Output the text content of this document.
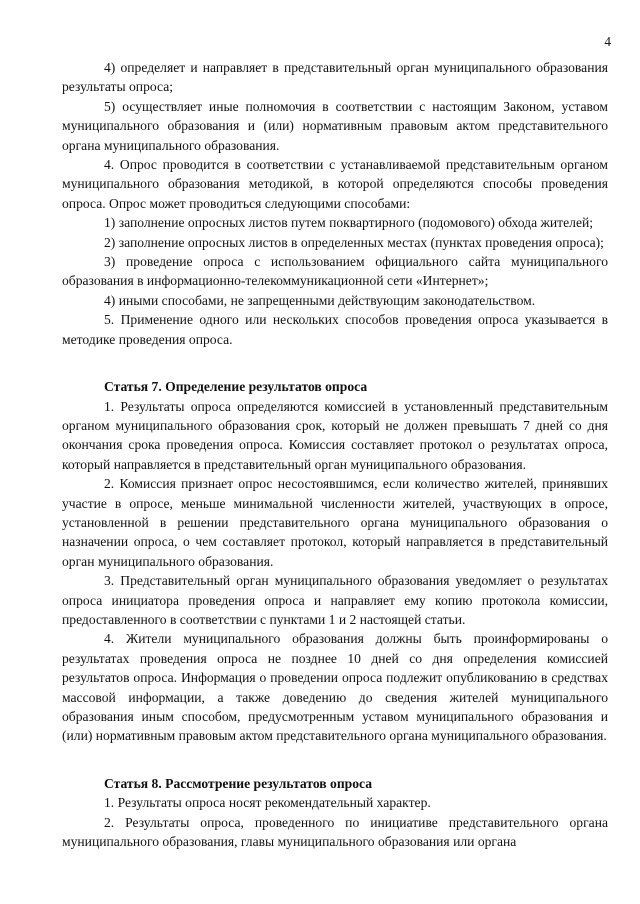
4

4) определяет и направляет в представительный орган муниципального образования результаты опроса;

5) осуществляет иные полномочия в соответствии с настоящим Законом, уставом муниципального образования и (или) нормативным правовым актом представительного органа муниципального образования.

4. Опрос проводится в соответствии с устанавливаемой представительным органом муниципального образования методикой, в которой определяются способы проведения опроса. Опрос может проводиться следующими способами:

1) заполнение опросных листов путем поквартирного (подомового) обхода жителей;

2) заполнение опросных листов в определенных местах (пунктах проведения опроса);

3) проведение опроса с использованием официального сайта муниципального образования в информационно-телекоммуникационной сети «Интернет»;

4) иными способами, не запрещенными действующим законодательством.

5. Применение одного или нескольких способов проведения опроса указывается в методике проведения опроса.

Статья 7. Определение результатов опроса

1. Результаты опроса определяются комиссией в установленный представительным органом муниципального образования срок, который не должен превышать 7 дней со дня окончания срока проведения опроса. Комиссия составляет протокол о результатах опроса, который направляется в представительный орган муниципального образования.

2. Комиссия признает опрос несостоявшимся, если количество жителей, принявших участие в опросе, меньше минимальной численности жителей, участвующих в опросе, установленной в решении представительного органа муниципального образования о назначении опроса, о чем составляет протокол, который направляется в представительный орган муниципального образования.

3. Представительный орган муниципального образования уведомляет о результатах опроса инициатора проведения опроса и направляет ему копию протокола комиссии, предоставленного в соответствии с пунктами 1 и 2 настоящей статьи.

4. Жители муниципального образования должны быть проинформированы о результатах проведения опроса не позднее 10 дней со дня определения комиссией результатов опроса. Информация о проведении опроса подлежит опубликованию в средствах массовой информации, а также доведению до сведения жителей муниципального образования иным способом, предусмотренным уставом муниципального образования и (или) нормативным правовым актом представительного органа муниципального образования.

Статья 8. Рассмотрение результатов опроса

1. Результаты опроса носят рекомендательный характер.

2. Результаты опроса, проведенного по инициативе представительного органа муниципального образования, главы муниципального образования или органа
